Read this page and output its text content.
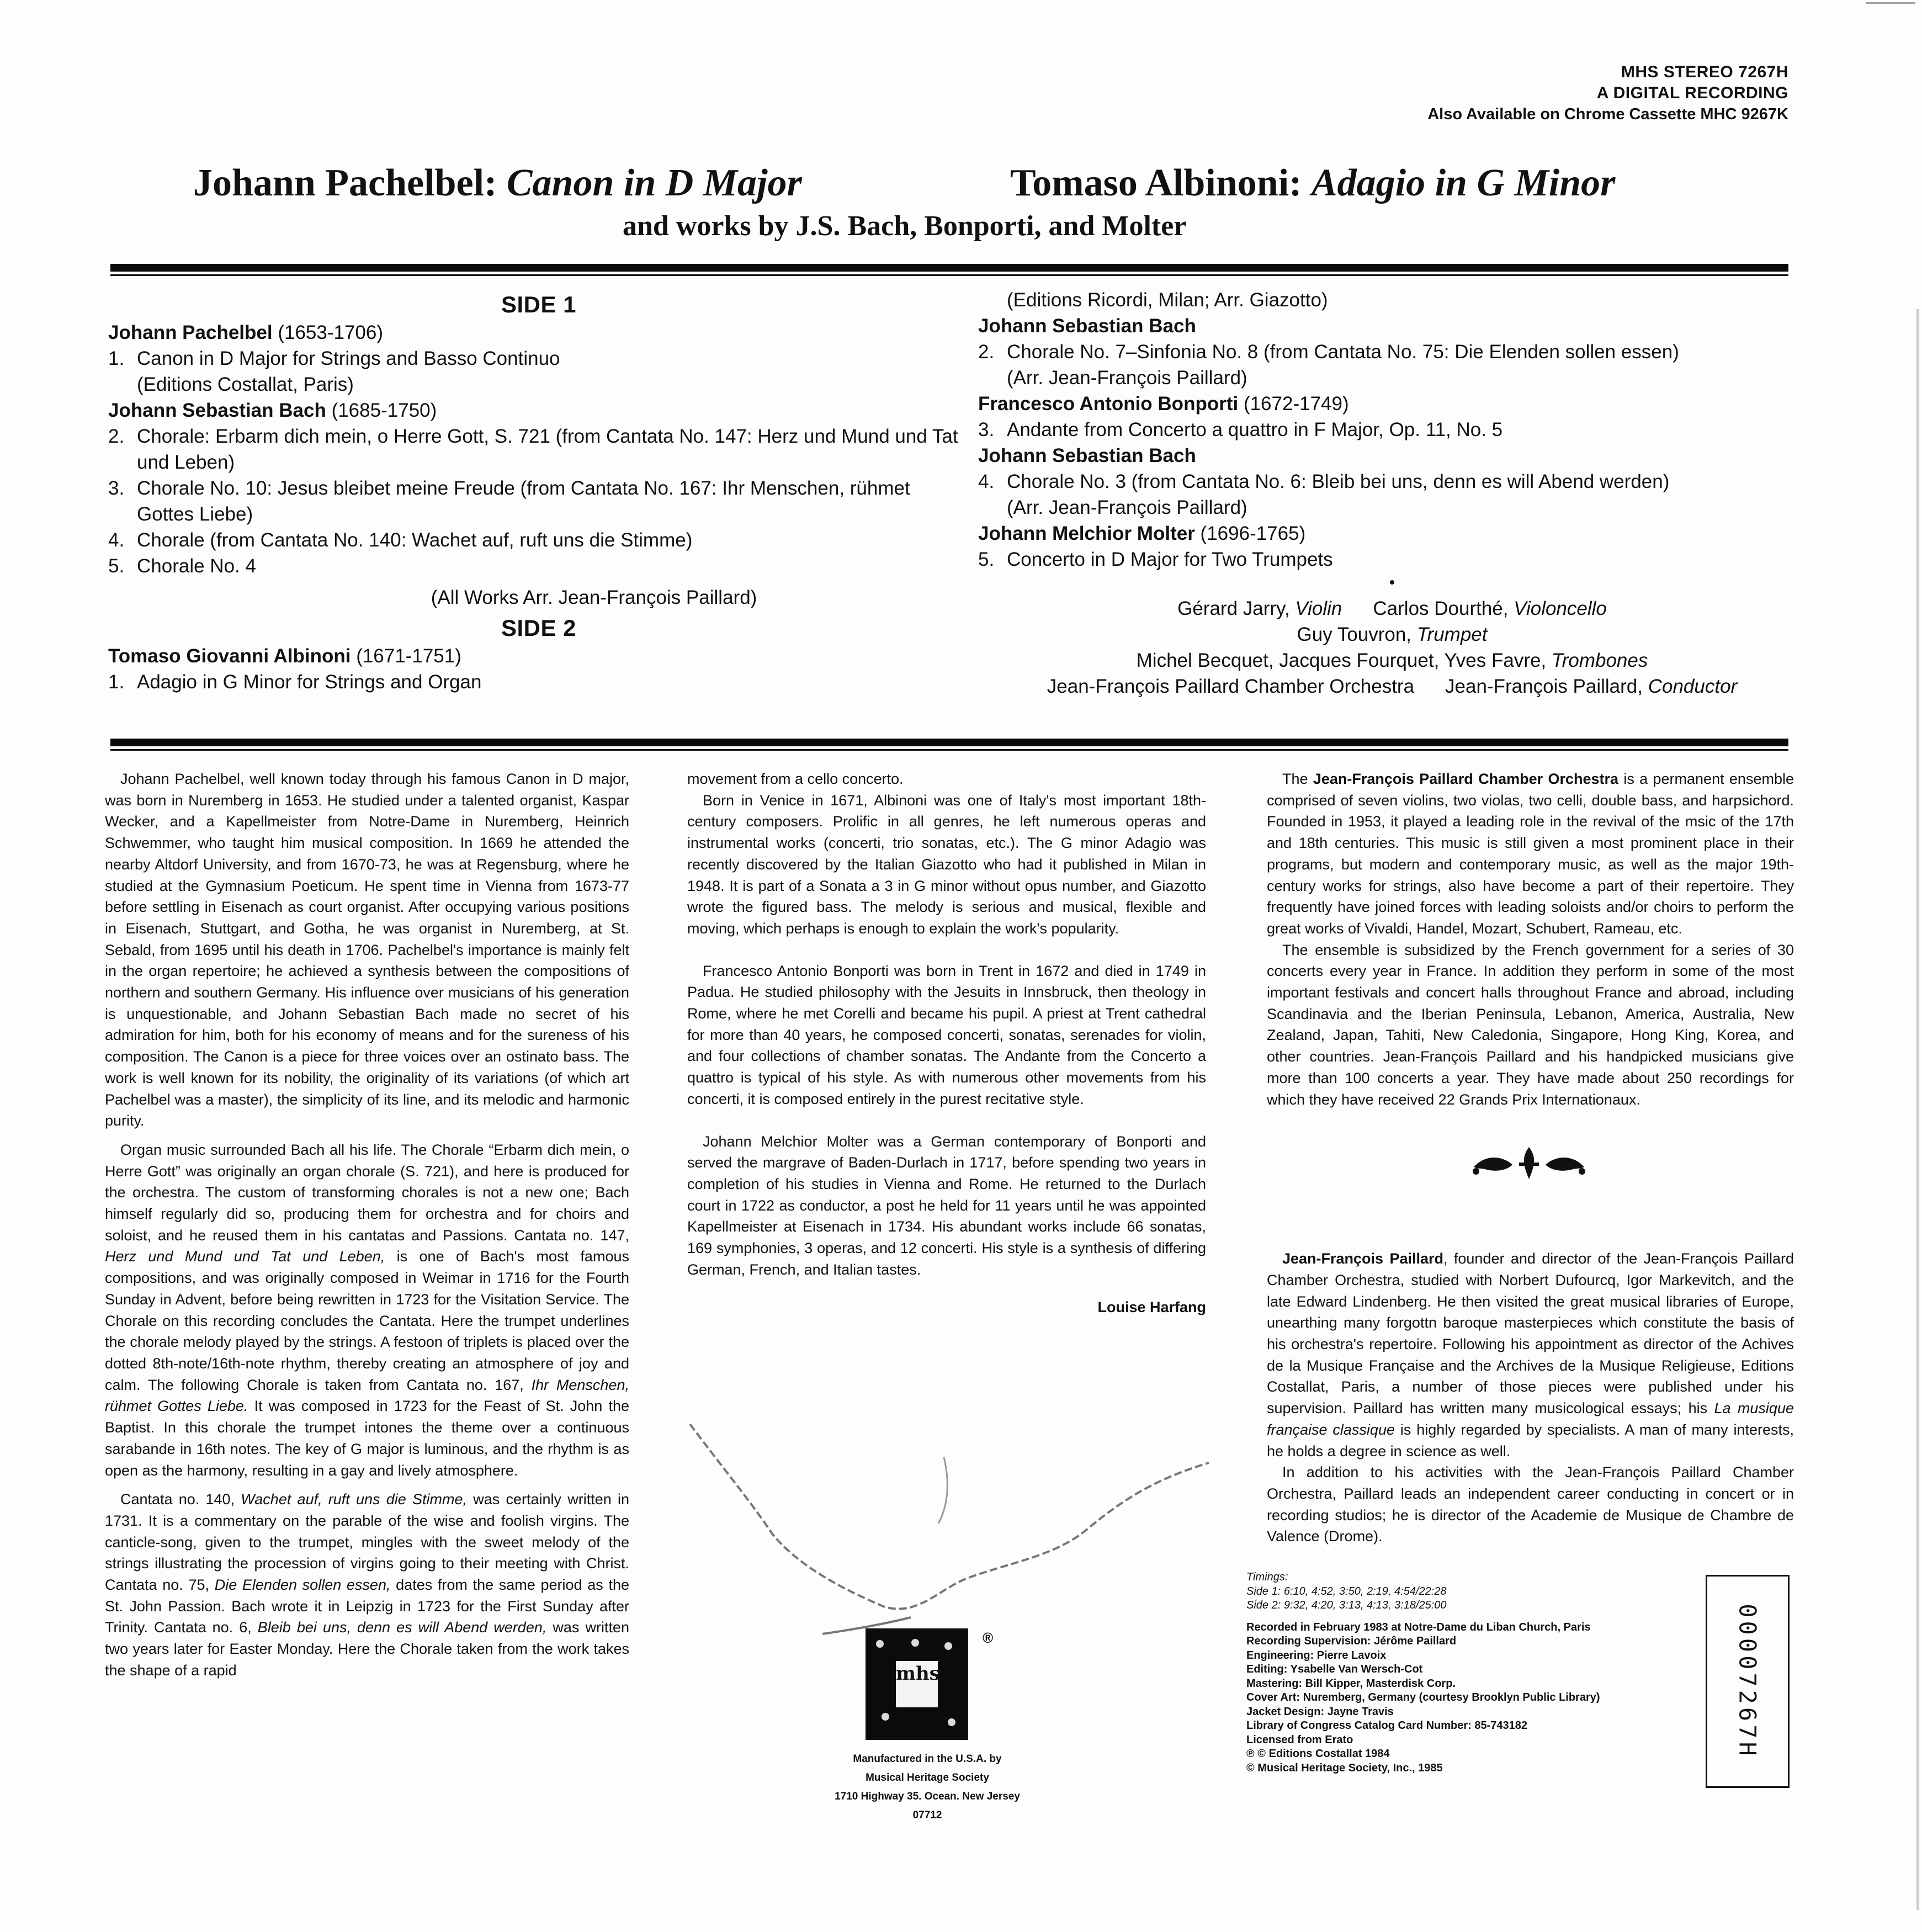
MHS STEREO 7267H
A DIGITAL RECORDING
Also Available on Chrome Cassette MHC 9267K
Johann Pachelbel: Canon in D Major	Tomaso Albinoni: Adagio in G Minor
and works by J.S. Bach, Bonporti, and Molter
SIDE 1
Johann Pachelbel (1653-1706)
1. Canon in D Major for Strings and Basso Continuo
(Editions Costallat, Paris)
Johann Sebastian Bach (1685-1750)
2. Chorale: Erbarm dich mein, o Herre Gott, S. 721 (from Cantata No. 147: Herz und Mund und Tat und Leben)
3. Chorale No. 10: Jesus bleibet meine Freude (from Cantata No. 167: Ihr Menschen, rühmet Gottes Liebe)
4. Chorale (from Cantata No. 140: Wachet auf, ruft uns die Stimme)
5. Chorale No. 4
(All Works Arr. Jean-François Paillard)
SIDE 2
Tomaso Giovanni Albinoni (1671-1751)
1. Adagio in G Minor for Strings and Organ
(Editions Ricordi, Milan; Arr. Giazotto)
Johann Sebastian Bach
2. Chorale No. 7–Sinfonia No. 8 (from Cantata No. 75: Die Elenden sollen essen)
(Arr. Jean-François Paillard)
Francesco Antonio Bonporti (1672-1749)
3. Andante from Concerto a quattro in F Major, Op. 11, No. 5
Johann Sebastian Bach
4. Chorale No. 3 (from Cantata No. 6: Bleib bei uns, denn es will Abend werden)
(Arr. Jean-François Paillard)
Johann Melchior Molter (1696-1765)
5. Concerto in D Major for Two Trumpets
•
Gérard Jarry, Violin Carlos Dourthé, Violoncello
Guy Touvron, Trumpet
Michel Becquet, Jacques Fourquet, Yves Favre, Trombones
Jean-François Paillard Chamber Orchestra Jean-François Paillard, Conductor

Johann Pachelbel, well known today through his famous Canon in D major, was born in Nuremberg in 1653. He studied under a talented organist, Kaspar Wecker, and a Kapellmeister from Notre-Dame in Nuremberg, Heinrich Schwemmer, who taught him musical composition. In 1669 he attended the nearby Altdorf University, and from 1670-73, he was at Regensburg, where he studied at the Gymnasium Poeticum. He spent time in Vienna from 1673-77 before settling in Eisenach as court organist. After occupying various positions in Eisenach, Stuttgart, and Gotha, he was organist in Nuremberg, at St. Sebald, from 1695 until his death in 1706. Pachelbel's importance is mainly felt in the organ repertoire; he achieved a synthesis between the compositions of northern and southern Germany. His influence over musicians of his generation is unquestionable, and Johann Sebastian Bach made no secret of his admiration for him, both for his economy of means and for the sureness of his composition. The Canon is a piece for three voices over an ostinato bass. The work is well known for its nobility, the originality of its variations (of which art Pachelbel was a master), the simplicity of its line, and its melodic and harmonic purity.

Organ music surrounded Bach all his life. The Chorale “Erbarm dich mein, o Herre Gott” was originally an organ chorale (S. 721), and here is produced for the orchestra. The custom of transforming chorales is not a new one; Bach himself regularly did so, producing them for orchestra and for choirs and soloist, and he reused them in his cantatas and Passions. Cantata no. 147, Herz und Mund und Tat und Leben, is one of Bach's most famous compositions, and was originally composed in Weimar in 1716 for the Fourth Sunday in Advent, before being rewritten in 1723 for the Visitation Service. The Chorale on this recording concludes the Cantata. Here the trumpet underlines the chorale melody played by the strings. A festoon of triplets is placed over the dotted 8th-note/16th-note rhythm, thereby creating an atmosphere of joy and calm. The following Chorale is taken from Cantata no. 167, Ihr Menschen, rühmet Gottes Liebe. It was composed in 1723 for the Feast of St. John the Baptist. In this chorale the trumpet intones the theme over a continuous sarabande in 16th notes. The key of G major is luminous, and the rhythm is as open as the harmony, resulting in a gay and lively atmosphere.

Cantata no. 140, Wachet auf, ruft uns die Stimme, was certainly written in 1731. It is a commentary on the parable of the wise and foolish virgins. The canticle-song, given to the trumpet, mingles with the sweet melody of the strings illustrating the procession of virgins going to their meeting with Christ. Cantata no. 75, Die Elenden sollen essen, dates from the same period as the St. John Passion. Bach wrote it in Leipzig in 1723 for the First Sunday after Trinity. Cantata no. 6, Bleib bei uns, denn es will Abend werden, was written two years later for Easter Monday. Here the Chorale taken from the work takes the shape of a rapid

movement from a cello concerto.

Born in Venice in 1671, Albinoni was one of Italy's most important 18th-century composers. Prolific in all genres, he left numerous operas and instrumental works (concerti, trio sonatas, etc.). The G minor Adagio was recently discovered by the Italian Giazotto who had it published in Milan in 1948. It is part of a Sonata a 3 in G minor without opus number, and Giazotto wrote the figured bass. The melody is serious and musical, flexible and moving, which perhaps is enough to explain the work's popularity.

Francesco Antonio Bonporti was born in Trent in 1672 and died in 1749 in Padua. He studied philosophy with the Jesuits in Innsbruck, then theology in Rome, where he met Corelli and became his pupil. A priest at Trent cathedral for more than 40 years, he composed concerti, sonatas, serenades for violin, and four collections of chamber sonatas. The Andante from the Concerto a quattro is typical of his style. As with numerous other movements from his concerti, it is composed entirely in the purest recitative style.

Johann Melchior Molter was a German contemporary of Bonporti and served the margrave of Baden-Durlach in 1717, before spending two years in completion of his studies in Vienna and Rome. He returned to the Durlach court in 1722 as conductor, a post he held for 11 years until he was appointed Kapellmeister at Eisenach in 1734. His abundant works include 66 sonatas, 169 symphonies, 3 operas, and 12 concerti. His style is a synthesis of differing German, French, and Italian tastes.

Louise Harfang

The Jean-François Paillard Chamber Orchestra is a permanent ensemble comprised of seven violins, two violas, two celli, double bass, and harpsichord. Founded in 1953, it played a leading role in the revival of the msic of the 17th and 18th centuries. This music is still given a most prominent place in their programs, but modern and contemporary music, as well as the major 19th-century works for strings, also have become a part of their repertoire. They frequently have joined forces with leading soloists and/or choirs to perform the great works of Vivaldi, Handel, Mozart, Schubert, Rameau, etc.

The ensemble is subsidized by the French government for a series of 30 concerts every year in France. In addition they perform in some of the most important festivals and concert halls throughout France and abroad, including Scandinavia and the Iberian Peninsula, Lebanon, America, Australia, New Zealand, Japan, Tahiti, New Caledonia, Singapore, Hong King, Korea, and other countries. Jean-François Paillard and his handpicked musicians give more than 100 concerts a year. They have made about 250 recordings for which they have received 22 Grands Prix Internationaux.

Jean-François Paillard, founder and director of the Jean-François Paillard Chamber Orchestra, studied with Norbert Dufourcq, Igor Markevitch, and the late Edward Lindenberg. He then visited the great musical libraries of Europe, unearthing many forgottn baroque masterpieces which constitute the basis of his orchestra's repertoire. Following his appointment as director of the Achives de la Musique Française and the Archives de la Musique Religieuse, Editions Costallat, Paris, a number of those pieces were published under his supervision. Paillard has written many musicological essays; his La musique française classique is highly regarded by specialists. A man of many interests, he holds a degree in science as well.

In addition to his activities with the Jean-François Paillard Chamber Orchestra, Paillard leads an independent career conducting in concert or in recording studios; he is director of the Academie de Musique de Chambre de Valence (Drome).

mhs
®
Manufactured in the U.S.A. by
Musical Heritage Society
1710 Highway 35. Ocean. New Jersey 07712
Timings:
Side 1: 6:10, 4:52, 3:50, 2:19, 4:54/22:28
Side 2: 9:32, 4:20, 3:13, 4:13, 3:18/25:00
Recorded in February 1983 at Notre-Dame du Liban Church, Paris
Recording Supervision: Jérôme Paillard
Engineering: Pierre Lavoix
Editing: Ysabelle Van Wersch-Cot
Mastering: Bill Kipper, Masterdisk Corp.
Cover Art: Nuremberg, Germany (courtesy Brooklyn Public Library)
Jacket Design: Jayne Travis
Library of Congress Catalog Card Number: 85-743182
Licensed from Erato
℗ © Editions Costallat 1984
© Musical Heritage Society, Inc., 1985
00007267H
